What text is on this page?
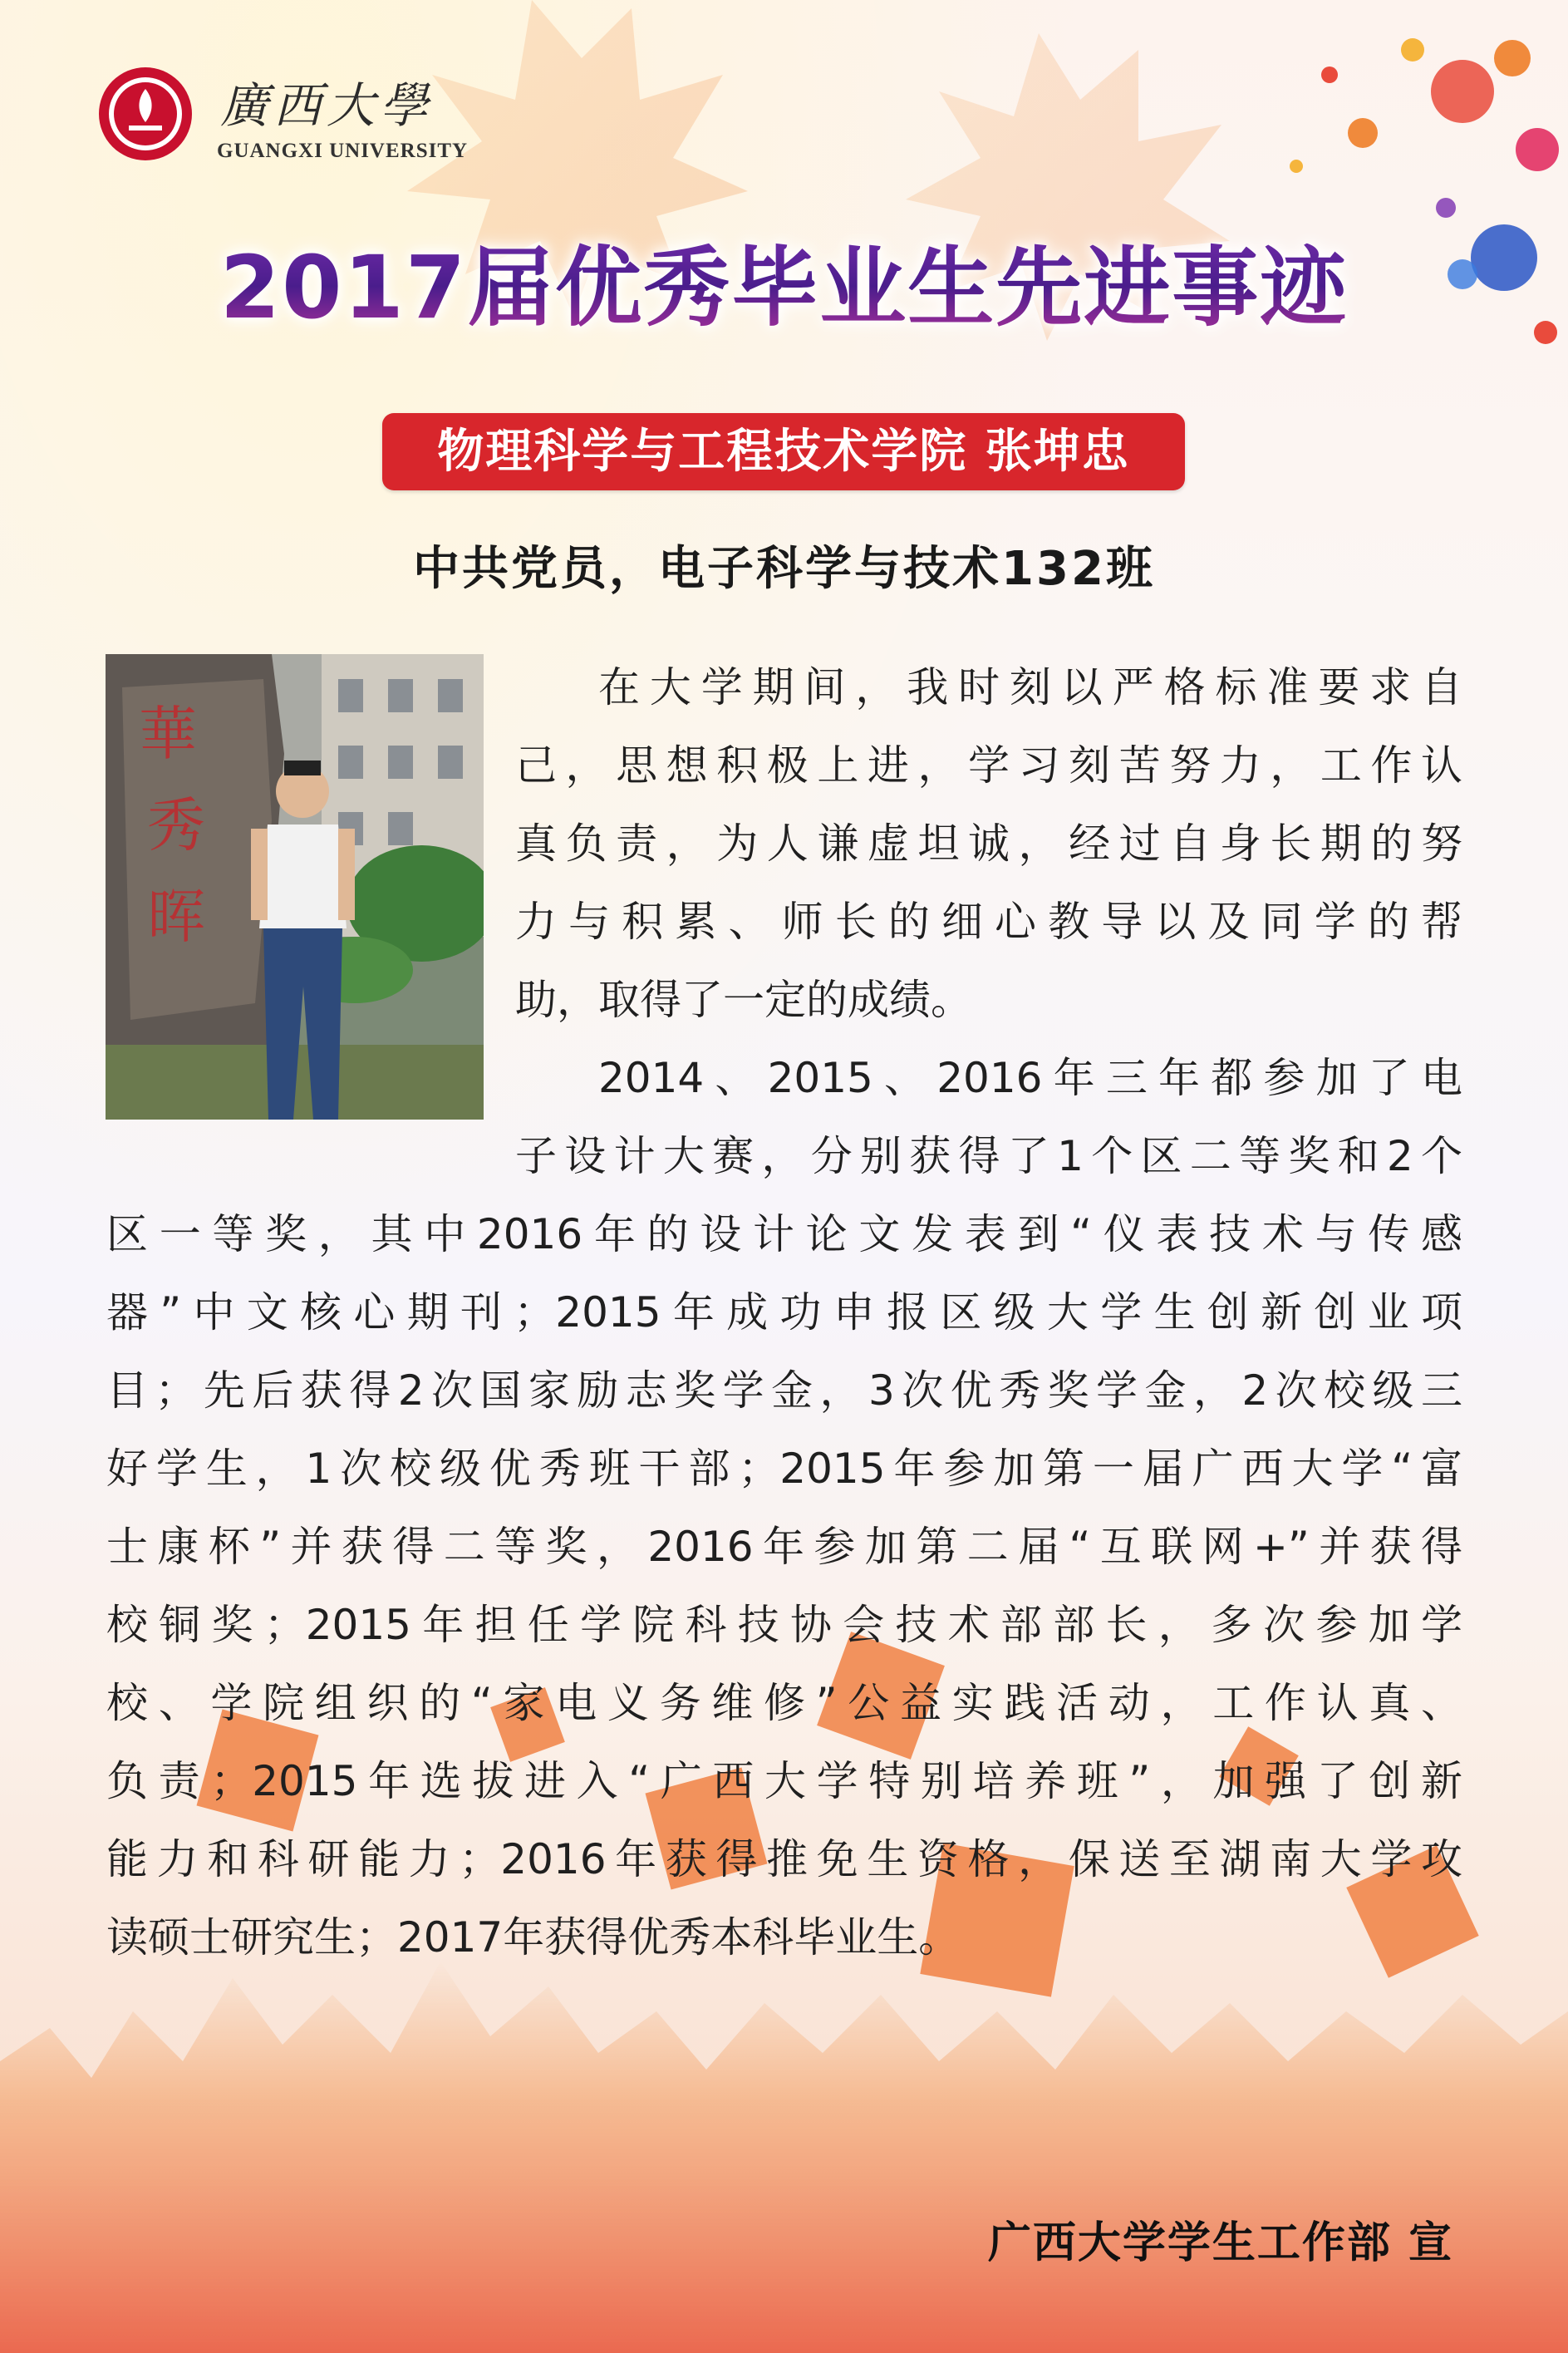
廣西大學
GUANGXI UNIVERSITY
2017届优秀毕业生先进事迹
物理科学与工程技术学院 张坤忠
中共党员，电子科学与技术132班
華
秀
晖
在大学期间，我时刻以严格标准要求自
己，思想积极上进，学习刻苦努力，工作认
真负责，为人谦虚坦诚，经过自身长期的努
力与积累、师长的细心教导以及同学的帮
助，取得了一定的成绩。
2014、2015、2016年三年都参加了电
子设计大赛，分别获得了1个区二等奖和2个
区一等奖，其中2016年的设计论文发表到“仪表技术与传感
器”中文核心期刊；2015年成功申报区级大学生创新创业项
目；先后获得2次国家励志奖学金，3次优秀奖学金，2次校级三
好学生，1次校级优秀班干部；2015年参加第一届广西大学“富
士康杯”并获得二等奖，2016年参加第二届“互联网+”并获得
校铜奖；2015年担任学院科技协会技术部部长，多次参加学
校、学院组织的“家电义务维修”公益实践活动，工作认真、
负责；2015年选拔进入“广西大学特别培养班”，加强了创新
能力和科研能力；2016年获得推免生资格，保送至湖南大学攻
读硕士研究生；2017年获得优秀本科毕业生。
广西大学学生工作部 宣
